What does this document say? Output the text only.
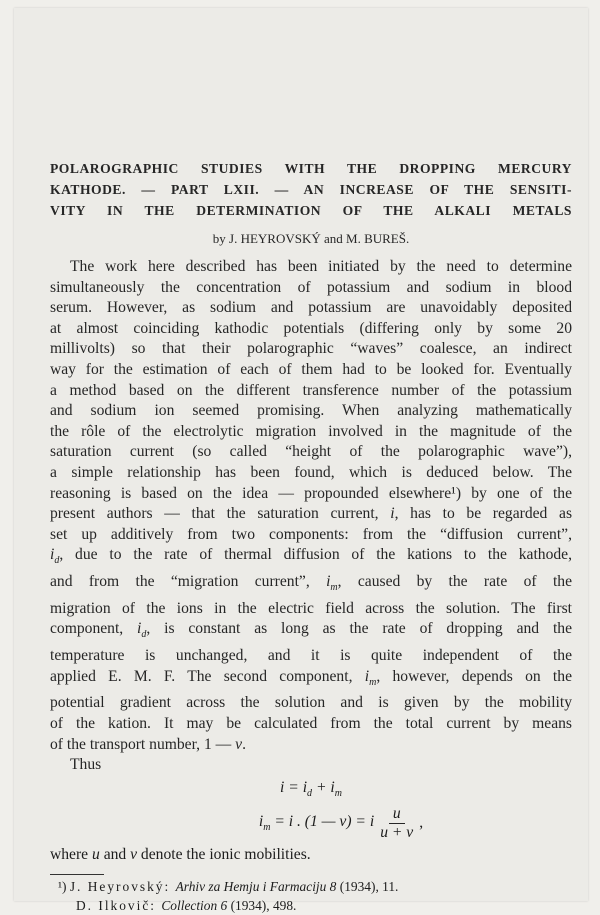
POLAROGRAPHIC STUDIES WITH THE DROPPING MERCURY
KATHODE. — PART LXII. — AN INCREASE OF THE SENSITI-
VITY IN THE DETERMINATION OF THE ALKALI METALS
by J. HEYROVSKÝ and M. BUREŠ.
The work here described has been initiated by the need to determine
simultaneously the concentration of potassium and sodium in blood
serum. However, as sodium and potassium are unavoidably deposited
at almost coinciding kathodic potentials (differing only by some 20
millivolts) so that their polarographic “waves” coalesce, an indirect
way for the estimation of each of them had to be looked for. Eventually
a method based on the different transference number of the potassium
and sodium ion seemed promising. When analyzing mathematically
the rôle of the electrolytic migration involved in the magnitude of the
saturation current (so called “height of the polarographic wave”),
a simple relationship has been found, which is deduced below. The
reasoning is based on the idea — propounded elsewhere¹) by one of the
present authors — that the saturation current, i, has to be regarded as
set up additively from two components: from the “diffusion current”,
$i_d$, due to the rate of thermal diffusion of the kations to the kathode,
and from the “migration current”, $i_m$, caused by the rate of the
migration of the ions in the electric field across the solution. The first
component, $i_d$, is constant as long as the rate of dropping and the
temperature is unchanged, and it is quite independent of the
applied E. M. F. The second component, $i_m$, however, depends on the
potential gradient across the solution and is given by the mobility
of the kation. It may be calculated from the total current by means
of the transport number, 1 — ν.
Thus
$i = i_d + i_m$
$i_m = i$ . (1 — ν) = i $\frac{u}{u + v}$ ,
where u and v denote the ionic mobilities.
¹) J. Heyrovský: Arhiv za Hemju i Farmaciju 8 (1934), 11.
D. Ilkovič: Collection 6 (1934), 498.
